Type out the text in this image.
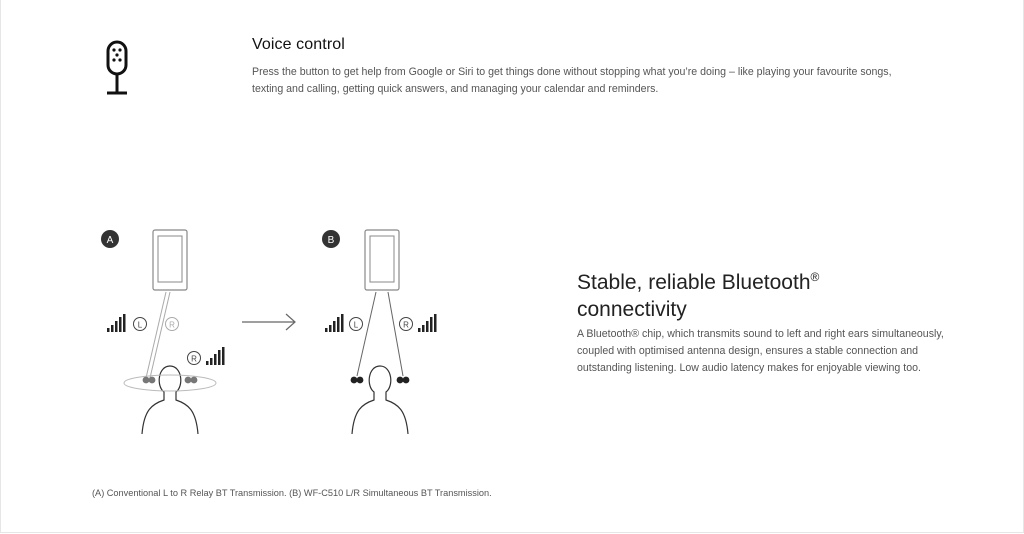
Voice control

Press the button to get help from Google or Siri to get things done without stopping what you’re doing – like playing your favourite songs, texting and calling, getting quick answers, and managing your calendar and reminders.

A
L	R
R
B
L	R
Stable, reliable Bluetooth®
connectivity

A Bluetooth® chip, which transmits sound to left and right ears simultaneously, coupled with optimised antenna design, ensures a stable connection and outstanding listening. Low audio latency makes for enjoyable viewing too.

(A) Conventional L to R Relay BT Transmission. (B) WF-C510 L/R Simultaneous BT Transmission.
